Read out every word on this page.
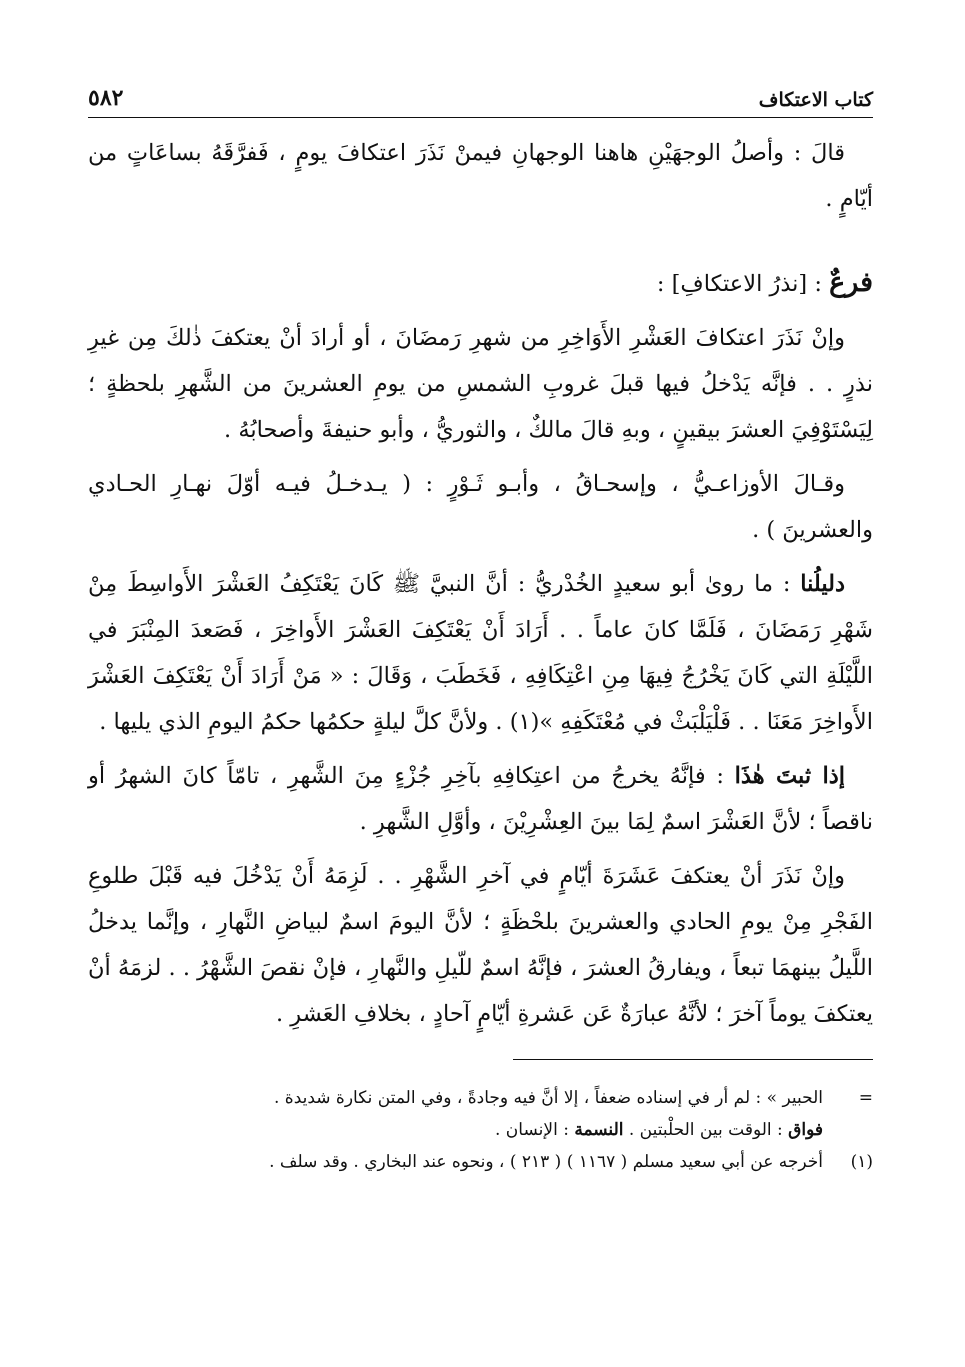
كتاب الاعتكاف
٥٨٢

قالَ : وأصلُ الوجهَيْنِ هاهنا الوجهانِ فيمنْ نَذَرَ اعتكافَ يومٍ ، فَفرَّقَهُ بساعَاتٍ من أيّامٍ .

فرعٌ : [نذرُ الاعتكافِ] :

وإنْ نَذَرَ اعتكافَ العَشْرِ الأَوَاخِرِ من شهرِ رَمضَانَ ، أو أرادَ أنْ يعتكفَ ذٰلكَ مِن غيرِ نذرٍ . . فإنَّه يَدْخلُ فيها قبلَ غروبِ الشمسِ من يومِ العشرينَ من الشَّهرِ بلحظةٍ ؛ لِيَسْتَوْفِيَ العشرَ بيقينٍ ، وبهِ قالَ مالكٌ ، والثوريُّ ، وأبو حنيفةَ وأصحابُهُ .

وقـالَ الأوزاعـيُّ ، وإسحـاقُ ، وأبـو ثَـوْرٍ : ( يـدخـلُ فيـه أوّلَ نهـارِ الحـادي والعشرينَ ) .

دليلُنا : ما روىٰ أبو سعيدٍ الخُدْريُّ : أنَّ النبيَّ ﷺ كَانَ يَعْتَكِفُ العَشْرَ الأَواسِطَ مِنْ شَهْرِ رَمَضَانَ ، فَلَمَّا كانَ عاماً . . أَرَادَ أَنْ يَعْتَكِفَ العَشْرَ الأَواخِرَ ، فَصَعدَ المِنْبَرَ في اللَّيْلَةِ التي كَانَ يَخْرُجُ فِيهَا مِنِ اعْتِكَافِهِ ، فَخَطَبَ ، وَقَالَ : « مَنْ أَرَادَ أَنْ يَعْتَكِفَ العَشْرَ الأَواخِرَ مَعَنَا . . فَلْيَلْبَثْ في مُعْتَكَفِهِ »(١) . ولأنَّ كلَّ ليلةٍ حكمُها حكمُ اليومِ الذي يليها .

إذا ثبتَ هٰذَا : فإنَّهُ يخرجُ من اعتِكافِهِ بآخِرِ جُزْءٍ مِنَ الشَّهرِ ، تامّاً كانَ الشهرُ أو ناقصاً ؛ لأنَّ العَشْرَ اسمٌ لِمَا بينَ العِشْرِيْنَ ، وأوَّلِ الشَّهرِ .

وإنْ نَذَرَ أنْ يعتكفَ عَشَرَةَ أيّامٍ في آخرِ الشَّهْرِ . . لَزِمَهُ أَنْ يَدْخُلَ فيه قَبْلَ طلوعِ الفَجْرِ مِنْ يومِ الحادي والعشرينَ بلحْظَةٍ ؛ لأنَّ اليومَ اسمٌ لبياضِ النَّهارِ ، وإنَّما يدخلُ اللَّيلُ بينهمَا تبعاً ، ويفارقُ العشرَ ، فإنَّهُ اسمٌ للّيلِ والنَّهارِ ، فإنْ نقصَ الشَّهْرُ . . لزمَهُ أنْ يعتكفَ يوماً آخرَ ؛ لأنَّهُ عبارَةٌ عَن عَشرةِ أيّامٍ آحادٍ ، بخلافِ العَشرِ .

=
الحبير » : لم أر في إسناده ضعفاً ، إلا أنَّ فيه وجادةً ، وفي المتن نكارة شديدة .
فواق : الوقت بين الحلْبتين . النسمة : الإنسان .
(١)
أخرجه عن أبي سعيد مسلم ( ١١٦٧ ) ( ٢١٣ ) ، ونحوه عند البخاري . وقد سلف .
